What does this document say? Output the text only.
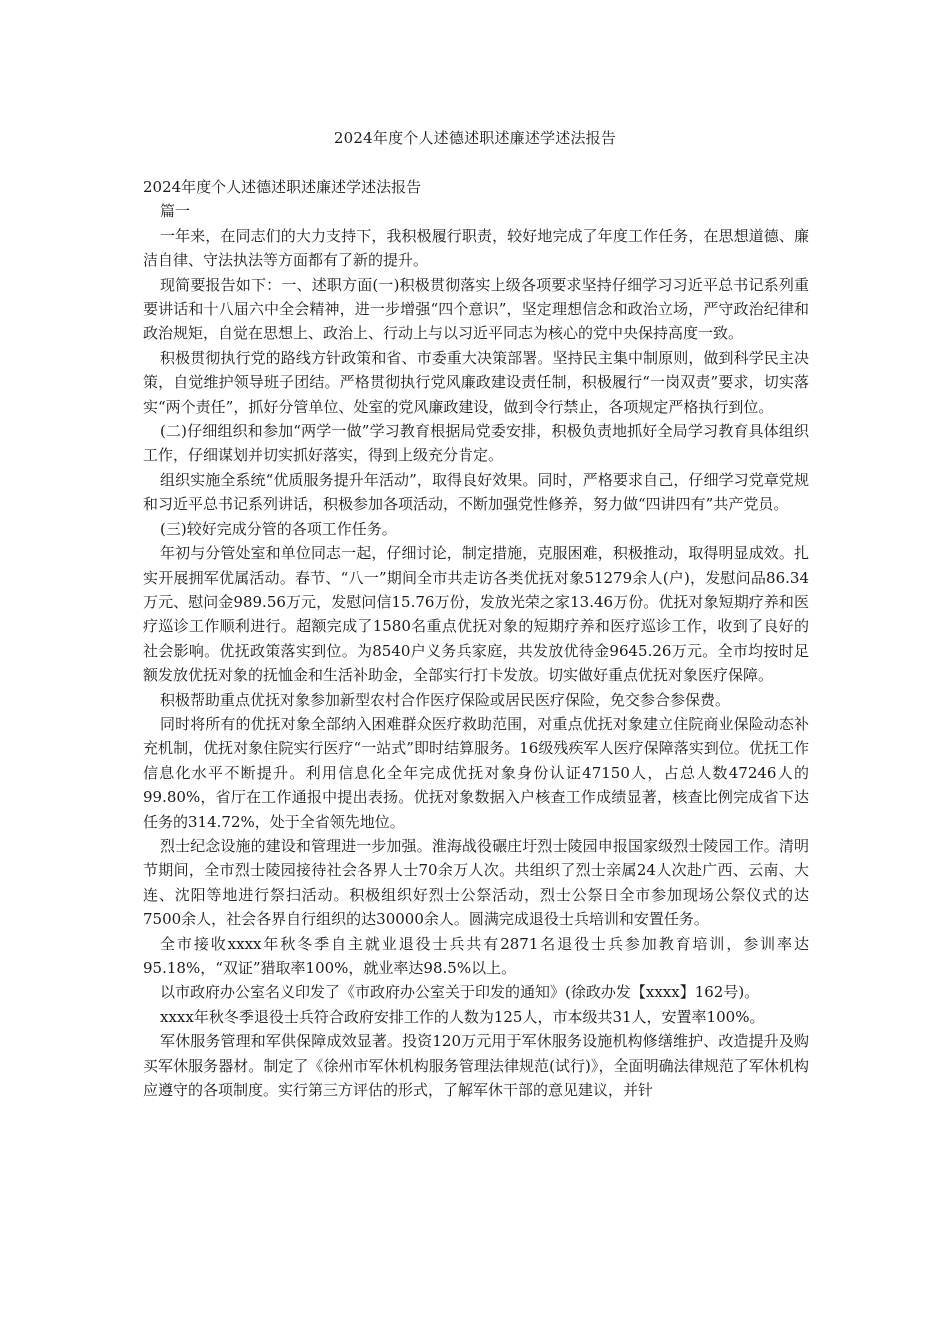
2024年度个人述德述职述廉述学述法报告

2024年度个人述德述职述廉述学述法报告

篇一

一年来，在同志们的大力支持下，我积极履行职责，较好地完成了年度工作任务，在思想道德、廉洁自律、守法执法等方面都有了新的提升。

现简要报告如下：一、述职方面(一)积极贯彻落实上级各项要求坚持仔细学习习近平总书记系列重要讲话和十八届六中全会精神，进一步增强“四个意识”，坚定理想信念和政治立场，严守政治纪律和政治规矩，自觉在思想上、政治上、行动上与以习近平同志为核心的党中央保持高度一致。

积极贯彻执行党的路线方针政策和省、市委重大决策部署。坚持民主集中制原则，做到科学民主决策，自觉维护领导班子团结。严格贯彻执行党风廉政建设责任制，积极履行“一岗双责”要求，切实落实“两个责任”，抓好分管单位、处室的党风廉政建设，做到令行禁止，各项规定严格执行到位。

(二)仔细组织和参加“两学一做”学习教育根据局党委安排，积极负责地抓好全局学习教育具体组织工作，仔细谋划并切实抓好落实，得到上级充分肯定。

组织实施全系统“优质服务提升年活动”，取得良好效果。同时，严格要求自己，仔细学习党章党规和习近平总书记系列讲话，积极参加各项活动，不断加强党性修养，努力做“四讲四有”共产党员。

(三)较好完成分管的各项工作任务。

年初与分管处室和单位同志一起，仔细讨论，制定措施，克服困难，积极推动，取得明显成效。扎实开展拥军优属活动。春节、“八一”期间全市共走访各类优抚对象51279余人(户)，发慰问品86.34万元、慰问金989.56万元，发慰问信15.76万份，发放光荣之家13.46万份。优抚对象短期疗养和医疗巡诊工作顺利进行。超额完成了1580名重点优抚对象的短期疗养和医疗巡诊工作，收到了良好的社会影响。优抚政策落实到位。为8540户义务兵家庭，共发放优待金9645.26万元。全市均按时足额发放优抚对象的抚恤金和生活补助金，全部实行打卡发放。切实做好重点优抚对象医疗保障。

积极帮助重点优抚对象参加新型农村合作医疗保险或居民医疗保险，免交参合参保费。

同时将所有的优抚对象全部纳入困难群众医疗救助范围，对重点优抚对象建立住院商业保险动态补充机制，优抚对象住院实行医疗“一站式”即时结算服务。16级残疾军人医疗保障落实到位。优抚工作信息化水平不断提升。利用信息化全年完成优抚对象身份认证47150人，占总人数47246人的99.80%，省厅在工作通报中提出表扬。优抚对象数据入户核查工作成绩显著，核查比例完成省下达任务的314.72%，处于全省领先地位。

烈士纪念设施的建设和管理进一步加强。淮海战役碾庄圩烈士陵园申报国家级烈士陵园工作。清明节期间，全市烈士陵园接待社会各界人士70余万人次。共组织了烈士亲属24人次赴广西、云南、大连、沈阳等地进行祭扫活动。积极组织好烈士公祭活动，烈士公祭日全市参加现场公祭仪式的达7500余人，社会各界自行组织的达30000余人。圆满完成退役士兵培训和安置任务。

全市接收xxxx年秋冬季自主就业退役士兵共有2871名退役士兵参加教育培训，参训率达95.18%，“双证”猎取率100%，就业率达98.5%以上。

以市政府办公室名义印发了《市政府办公室关于印发的通知》(徐政办发【xxxx】162号)。

xxxx年秋冬季退役士兵符合政府安排工作的人数为125人，市本级共31人，安置率100%。

军休服务管理和军供保障成效显著。投资120万元用于军休服务设施机构修缮维护、改造提升及购买军休服务器材。制定了《徐州市军休机构服务管理法律规范(试行)》，全面明确法律规范了军休机构应遵守的各项制度。实行第三方评估的形式，了解军休干部的意见建议，并针
